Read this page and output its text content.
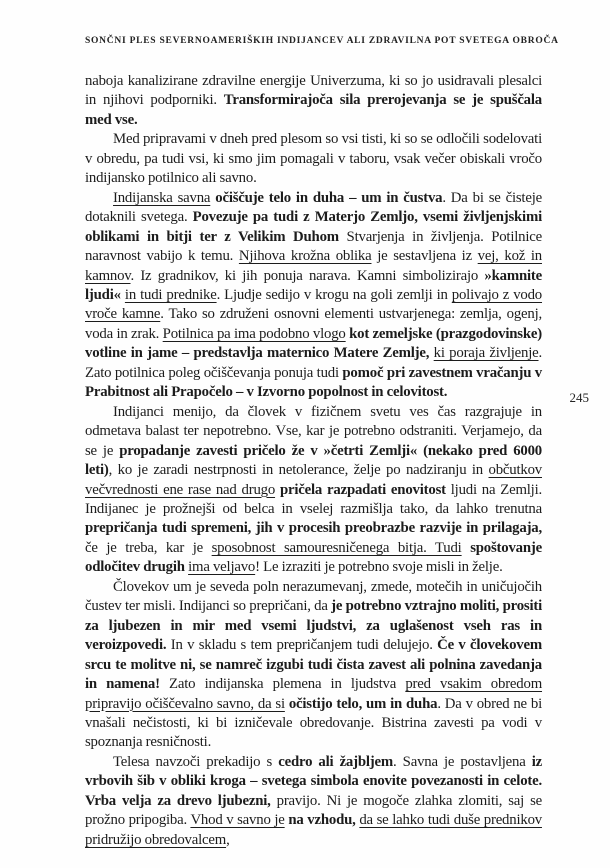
SONČNI PLES SEVERNOAMERIŠKIH INDIJANCEV ALI ZDRAVILNA POT SVETEGA OBROČA
245

naboja kanalizirane zdravilne energije Univerzuma, ki so jo usidravali plesalci in njihovi podporniki. Transformirajoča sila prerojevanja se je spuščala med vse.

Med pripravami v dneh pred plesom so vsi tisti, ki so se odločili sodelovati v obredu, pa tudi vsi, ki smo jim pomagali v taboru, vsak večer obiskali vročo indijansko potilnico ali savno.

Indijanska savna očiščuje telo in duha – um in čustva. Da bi se čisteje dotaknili svetega. Povezuje pa tudi z Materjo Zemljo, vsemi življenjskimi oblikami in bitji ter z Velikim Duhom Stvarjenja in življenja. Potilnice naravnost vabijo k temu. Njihova krožna oblika je sestavljena iz vej, kož in kamnov. Iz gradnikov, ki jih ponuja narava. Kamni simbolizirajo »kamnite ljudi« in tudi prednike. Ljudje sedijo v krogu na goli zemlji in polivajo z vodo vroče kamne. Tako so združeni osnovni elementi ustvarjenega: zemlja, ogenj, voda in zrak. Potilnica pa ima podobno vlogo kot zemeljske (prazgodovinske) votline in jame – predstavlja maternico Matere Zemlje, ki poraja življenje. Zato potilnica poleg očiščevanja ponuja tudi pomoč pri zavestnem vračanju v Prabitnost ali Prapočelo – v Izvorno popolnost in celovitost.

Indijanci menijo, da človek v fizičnem svetu ves čas razgrajuje in odmetava balast ter nepotrebno. Vse, kar je potrebno odstraniti. Verjamejo, da se je propadanje zavesti pričelo že v »četrti Zemlji« (nekako pred 6000 leti), ko je zaradi nestrpnosti in netolerance, želje po nadziranju in občutkov večvrednosti ene rase nad drugo pričela razpadati enovitost ljudi na Zemlji. Indijanec je prožnejši od belca in vselej razmišlja tako, da lahko trenutna prepričanja tudi spremeni, jih v procesih preobrazbe razvije in prilagaja, če je treba, kar je sposobnost samouresničenega bitja. Tudi spoštovanje odločitev drugih ima veljavo! Le izraziti je potrebno svoje misli in želje.

Človekov um je seveda poln nerazumevanj, zmede, motečih in uničujočih čustev ter misli. Indijanci so prepričani, da je potrebno vztrajno moliti, prositi za ljubezen in mir med vsemi ljudstvi, za uglašenost vseh ras in veroizpovedi. In v skladu s tem prepričanjem tudi delujejo. Če v človekovem srcu te molitve ni, se namreč izgubi tudi čista zavest ali polnina zavedanja in namena! Zato indijanska plemena in ljudstva pred vsakim obredom pripravijo očiščevalno savno, da si očistijo telo, um in duha. Da v obred ne bi vnašali nečistosti, ki bi izničevale obredovanje. Bistrina zavesti pa vodi v spoznanja resničnosti.

Telesa navzoči prekadijo s cedro ali žajbljem. Savna je postavljena iz vrbovih šib v obliki kroga – svetega simbola enovite povezanosti in celote. Vrba velja za drevo ljubezni, pravijo. Ni je mogoče zlahka zlomiti, saj se prožno pripogiba. Vhod v savno je na vzhodu, da se lahko tudi duše prednikov pridružijo obredovalcem,
